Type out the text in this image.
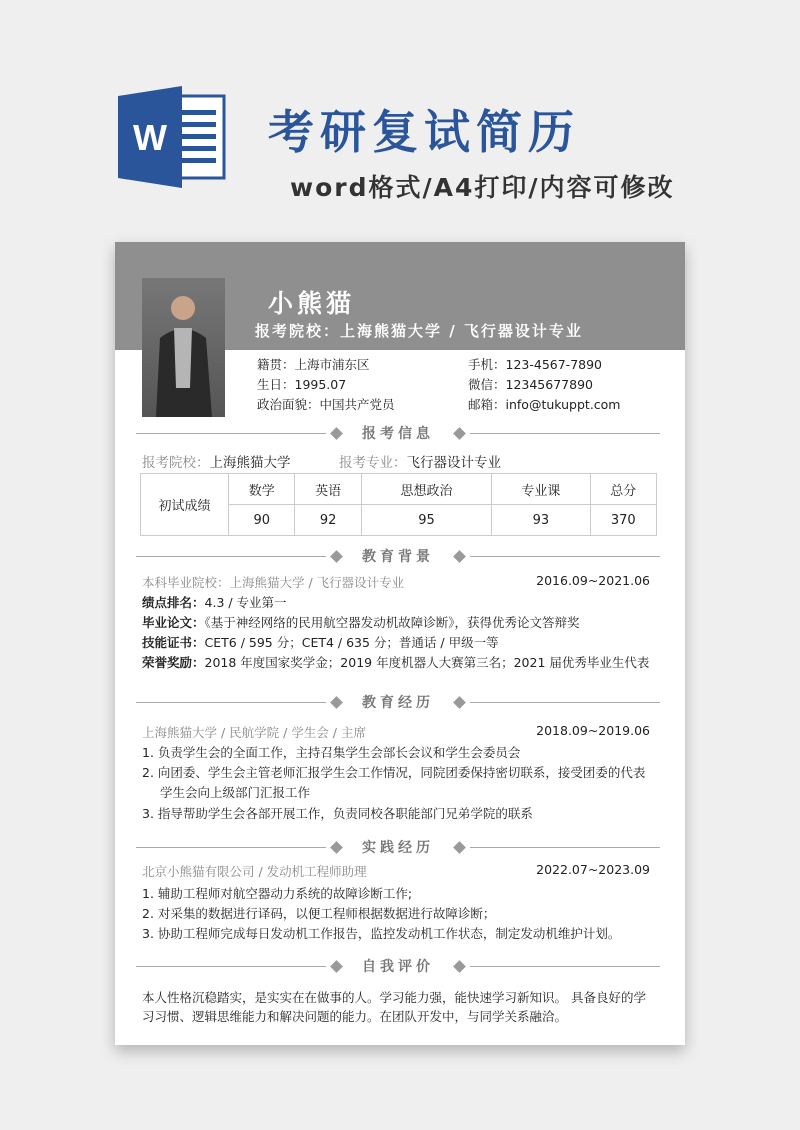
W 考研复试简历
word格式/A4打印/内容可修改
小熊猫
报考院校：上海熊猫大学 / 飞行器设计专业
籍贯：上海市浦东区
生日：1995.07
政治面貌：中国共产党员
手机：123-4567-7890
微信：12345677890
邮箱：info@tukuppt.com
报考信息
报考院校：上海熊猫大学	报考专业：飞行器设计专业
初试成绩	数学	英语	思想政治	专业课	总分
	90	92	95	93	370
教育背景
本科毕业院校：上海熊猫大学 / 飞行器设计专业	2016.09~2021.06
绩点排名：4.3 / 专业第一
毕业论文：《基于神经网络的民用航空器发动机故障诊断》，获得优秀论文答辩奖
技能证书：CET6 / 595 分；CET4 / 635 分；普通话 / 甲级一等
荣誉奖励：2018 年度国家奖学金；2019 年度机器人大赛第三名；2021 届优秀毕业生代表
教育经历
上海熊猫大学 / 民航学院 / 学生会 / 主席	2018.09~2019.06
1. 负责学生会的全面工作，主持召集学生会部长会议和学生会委员会
2. 向团委、学生会主管老师汇报学生会工作情况，同院团委保持密切联系，接受团委的代表
学生会向上级部门汇报工作
3. 指导帮助学生会各部开展工作，负责同校各职能部门兄弟学院的联系
实践经历
北京小熊猫有限公司 / 发动机工程师助理	2022.07~2023.09
1. 辅助工程师对航空器动力系统的故障诊断工作;
2. 对采集的数据进行译码，以便工程师根据数据进行故障诊断；
3. 协助工程师完成每日发动机工作报告，监控发动机工作状态，制定发动机维护计划。
自我评价
本人性格沉稳踏实，是实实在在做事的人。学习能力强，能快速学习新知识。 具备良好的学
习习惯、逻辑思维能力和解决问题的能力。在团队开发中，与同学关系融洽。
